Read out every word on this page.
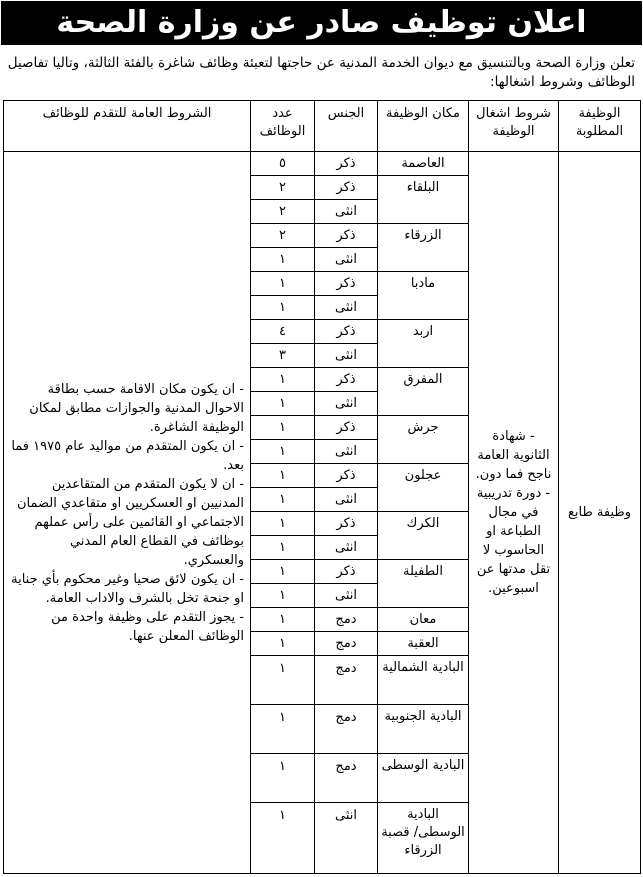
اعلان توظيف صادر عن وزارة الصحة
تعلن وزارة الصحة وبالتنسيق مع ديوان الخدمة المدنية عن حاجتها لتعبئة وظائف شاغرة بالفئة الثالثة، وتاليا تفاصيل الوظائف وشروط اشغالها:
الوظيفة المطلوبة	شروط اشغال الوظيفة	مكان الوظيفة	الجنس	عدد الوظائف	الشروط العامة للتقدم للوظائف
وظيفة طابع	- شهادة الثانوية العامة ناجح فما دون. - دورة تدريبية في مجال الطباعة او الحاسوب لا تقل مدتها عن اسبوعين.	العاصمة	ذكر	٥	- ان يكون مكان الاقامة حسب بطاقة الاحوال المدنية والجوازات مطابق لمكان الوظيفة الشاغرة.
- ان يكون المتقدم من مواليد عام ١٩٧٥ فما بعد.
- ان لا يكون المتقدم من المتقاعدين المدنيين او العسكريين او متقاعدي الضمان الاجتماعي او القائمين على رأس عملهم بوظائف في القطاع العام المدني والعسكري.
- ان يكون لائق صحيا وغير محكوم بأي جناية او جنحة تخل بالشرف والاداب العامة.
- يجوز التقدم على وظيفة واحدة من الوظائف المعلن عنها.

		البلقاء	ذكر	٢	
			انثى	٢	
		الزرقاء	ذكر	٢	
			انثى	١	
		مادبا	ذكر	١	
			انثى	١	
		اربد	ذكر	٤	
			انثى	٣	
		المفرق	ذكر	١	
			انثى	١	
		جرش	ذكر	١	
			انثى	١	
		عجلون	ذكر	١	
			انثى	١	
		الكرك	ذكر	١	
			انثى	١	
		الطفيلة	ذكر	١	
			انثى	١	
		معان	دمج	١	
		العقبة	دمج	١	
		البادية الشمالية	دمج	١	
		البادية الجنوبية	دمج	١	
		البادية الوسطى	دمج	١	
		البادية الوسطى/ قصبة الزرقاء	انثى	١	
